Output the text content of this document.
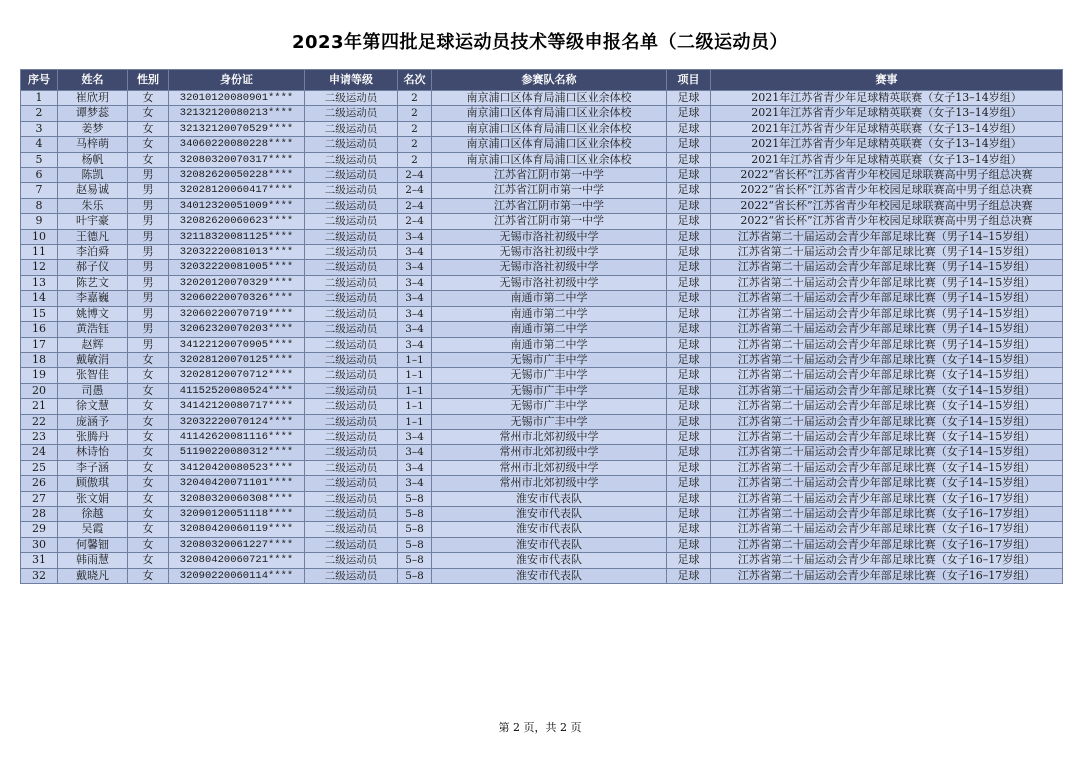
2023年第四批足球运动员技术等级申报名单（二级运动员）
序号	姓名	性别	身份证	申请等级	名次	参赛队名称	项目	赛事
1	崔欣玥	女	32010120080901****	二级运动员	2	南京浦口区体育局浦口区业余体校	足球	2021年江苏省青少年足球精英联赛（女子13–14岁组）
2	谭梦蕊	女	32132120080213****	二级运动员	2	南京浦口区体育局浦口区业余体校	足球	2021年江苏省青少年足球精英联赛（女子13–14岁组）
3	姜梦	女	32132120070529****	二级运动员	2	南京浦口区体育局浦口区业余体校	足球	2021年江苏省青少年足球精英联赛（女子13–14岁组）
4	马梓萌	女	34060220080228****	二级运动员	2	南京浦口区体育局浦口区业余体校	足球	2021年江苏省青少年足球精英联赛（女子13–14岁组）
5	杨帆	女	32080320070317****	二级运动员	2	南京浦口区体育局浦口区业余体校	足球	2021年江苏省青少年足球精英联赛（女子13–14岁组）
6	陈凯	男	32082620050228****	二级运动员	2–4	江苏省江阴市第一中学	足球	2022“省长杯”江苏省青少年校园足球联赛高中男子组总决赛
7	赵易诚	男	32028120060417****	二级运动员	2–4	江苏省江阴市第一中学	足球	2022“省长杯”江苏省青少年校园足球联赛高中男子组总决赛
8	朱乐	男	34012320051009****	二级运动员	2–4	江苏省江阴市第一中学	足球	2022“省长杯”江苏省青少年校园足球联赛高中男子组总决赛
9	叶宇豪	男	32082620060623****	二级运动员	2–4	江苏省江阴市第一中学	足球	2022“省长杯”江苏省青少年校园足球联赛高中男子组总决赛
10	王德凡	男	32118320081125****	二级运动员	3–4	无锡市洛社初级中学	足球	江苏省第二十届运动会青少年部足球比赛（男子14–15岁组）
11	李泊舜	男	32032220081013****	二级运动员	3–4	无锡市洛社初级中学	足球	江苏省第二十届运动会青少年部足球比赛（男子14–15岁组）
12	郝子仪	男	32032220081005****	二级运动员	3–4	无锡市洛社初级中学	足球	江苏省第二十届运动会青少年部足球比赛（男子14–15岁组）
13	陈艺文	男	32020120070329****	二级运动员	3–4	无锡市洛社初级中学	足球	江苏省第二十届运动会青少年部足球比赛（男子14–15岁组）
14	李嘉巍	男	32060220070326****	二级运动员	3–4	南通市第二中学	足球	江苏省第二十届运动会青少年部足球比赛（男子14–15岁组）
15	姚博文	男	32060220070719****	二级运动员	3–4	南通市第二中学	足球	江苏省第二十届运动会青少年部足球比赛（男子14–15岁组）
16	黄浩钰	男	32062320070203****	二级运动员	3–4	南通市第二中学	足球	江苏省第二十届运动会青少年部足球比赛（男子14–15岁组）
17	赵辉	男	34122120070905****	二级运动员	3–4	南通市第二中学	足球	江苏省第二十届运动会青少年部足球比赛（男子14–15岁组）
18	戴敏涓	女	32028120070125****	二级运动员	1–1	无锡市广丰中学	足球	江苏省第二十届运动会青少年部足球比赛（女子14–15岁组）
19	张智佳	女	32028120070712****	二级运动员	1–1	无锡市广丰中学	足球	江苏省第二十届运动会青少年部足球比赛（女子14–15岁组）
20	司愚	女	41152520080524****	二级运动员	1–1	无锡市广丰中学	足球	江苏省第二十届运动会青少年部足球比赛（女子14–15岁组）
21	徐文慧	女	34142120080717****	二级运动员	1–1	无锡市广丰中学	足球	江苏省第二十届运动会青少年部足球比赛（女子14–15岁组）
22	庞涵予	女	32032220070124****	二级运动员	1–1	无锡市广丰中学	足球	江苏省第二十届运动会青少年部足球比赛（女子14–15岁组）
23	张腾丹	女	41142620081116****	二级运动员	3–4	常州市北郊初级中学	足球	江苏省第二十届运动会青少年部足球比赛（女子14–15岁组）
24	林诗怡	女	51190220080312****	二级运动员	3–4	常州市北郊初级中学	足球	江苏省第二十届运动会青少年部足球比赛（女子14–15岁组）
25	李子涵	女	34120420080523****	二级运动员	3–4	常州市北郊初级中学	足球	江苏省第二十届运动会青少年部足球比赛（女子14–15岁组）
26	顾傲琪	女	32040420071101****	二级运动员	3–4	常州市北郊初级中学	足球	江苏省第二十届运动会青少年部足球比赛（女子14–15岁组）
27	张文娟	女	32080320060308****	二级运动员	5–8	淮安市代表队	足球	江苏省第二十届运动会青少年部足球比赛（女子16–17岁组）
28	徐越	女	32090120051118****	二级运动员	5–8	淮安市代表队	足球	江苏省第二十届运动会青少年部足球比赛（女子16–17岁组）
29	吴霞	女	32080420060119****	二级运动员	5–8	淮安市代表队	足球	江苏省第二十届运动会青少年部足球比赛（女子16–17岁组）
30	何馨钿	女	32080320061227****	二级运动员	5–8	淮安市代表队	足球	江苏省第二十届运动会青少年部足球比赛（女子16–17岁组）
31	韩雨慧	女	32080420060721****	二级运动员	5–8	淮安市代表队	足球	江苏省第二十届运动会青少年部足球比赛（女子16–17岁组）
32	戴晓凡	女	32090220060114****	二级运动员	5–8	淮安市代表队	足球	江苏省第二十届运动会青少年部足球比赛（女子16–17岁组）
第 2 页，共 2 页
